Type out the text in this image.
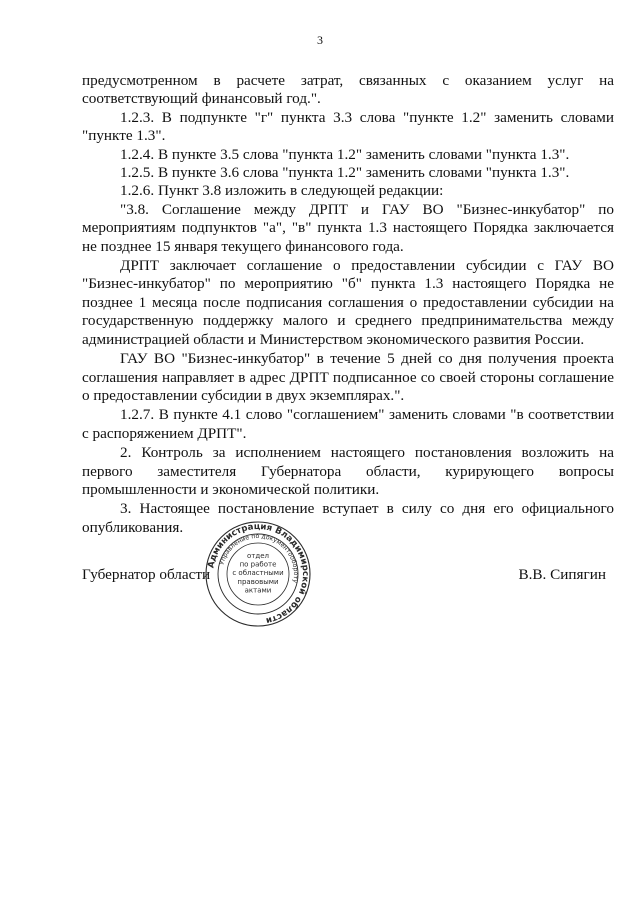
3

предусмотренном в расчете затрат, связанных с оказанием услуг на соответствующий финансовый год.".

1.2.3. В подпункте "г" пункта 3.3 слова "пункте 1.2" заменить словами "пункте 1.3".

1.2.4. В пункте 3.5 слова "пункта 1.2" заменить словами "пункта 1.3".

1.2.5. В пункте 3.6 слова "пункта 1.2" заменить словами "пункта 1.3".

1.2.6. Пункт 3.8 изложить в следующей редакции:

"3.8. Соглашение между ДРПТ и ГАУ ВО "Бизнес-инкубатор" по мероприятиям подпунктов "а", "в" пункта 1.3 настоящего Порядка заключается не позднее 15 января текущего финансового года.

ДРПТ заключает соглашение о предоставлении субсидии с ГАУ ВО "Бизнес-инкубатор" по мероприятию "б" пункта 1.3 настоящего Порядка не позднее 1 месяца после подписания соглашения о предоставлении субсидии на государственную поддержку малого и среднего предпринимательства между администрацией области и Министерством экономического развития России.

ГАУ ВО "Бизнес-инкубатор" в течение 5 дней со дня получения проекта соглашения направляет в адрес ДРПТ подписанное со своей стороны соглашение о предоставлении субсидии в двух экземплярах.".

1.2.7. В пункте 4.1 слово "соглашением" заменить словами "в соответствии с распоряжением ДРПТ".

2. Контроль за исполнением настоящего постановления возложить на первого заместителя Губернатора области, курирующего вопросы промышленности и экономической политики.

3. Настоящее постановление вступает в силу со дня его официального опубликования.

Администрация Владимирской области
Управление по документообороту
отдел
по работе
с областными
правовыми
актами
Губернатор области	В.В. Сипягин
